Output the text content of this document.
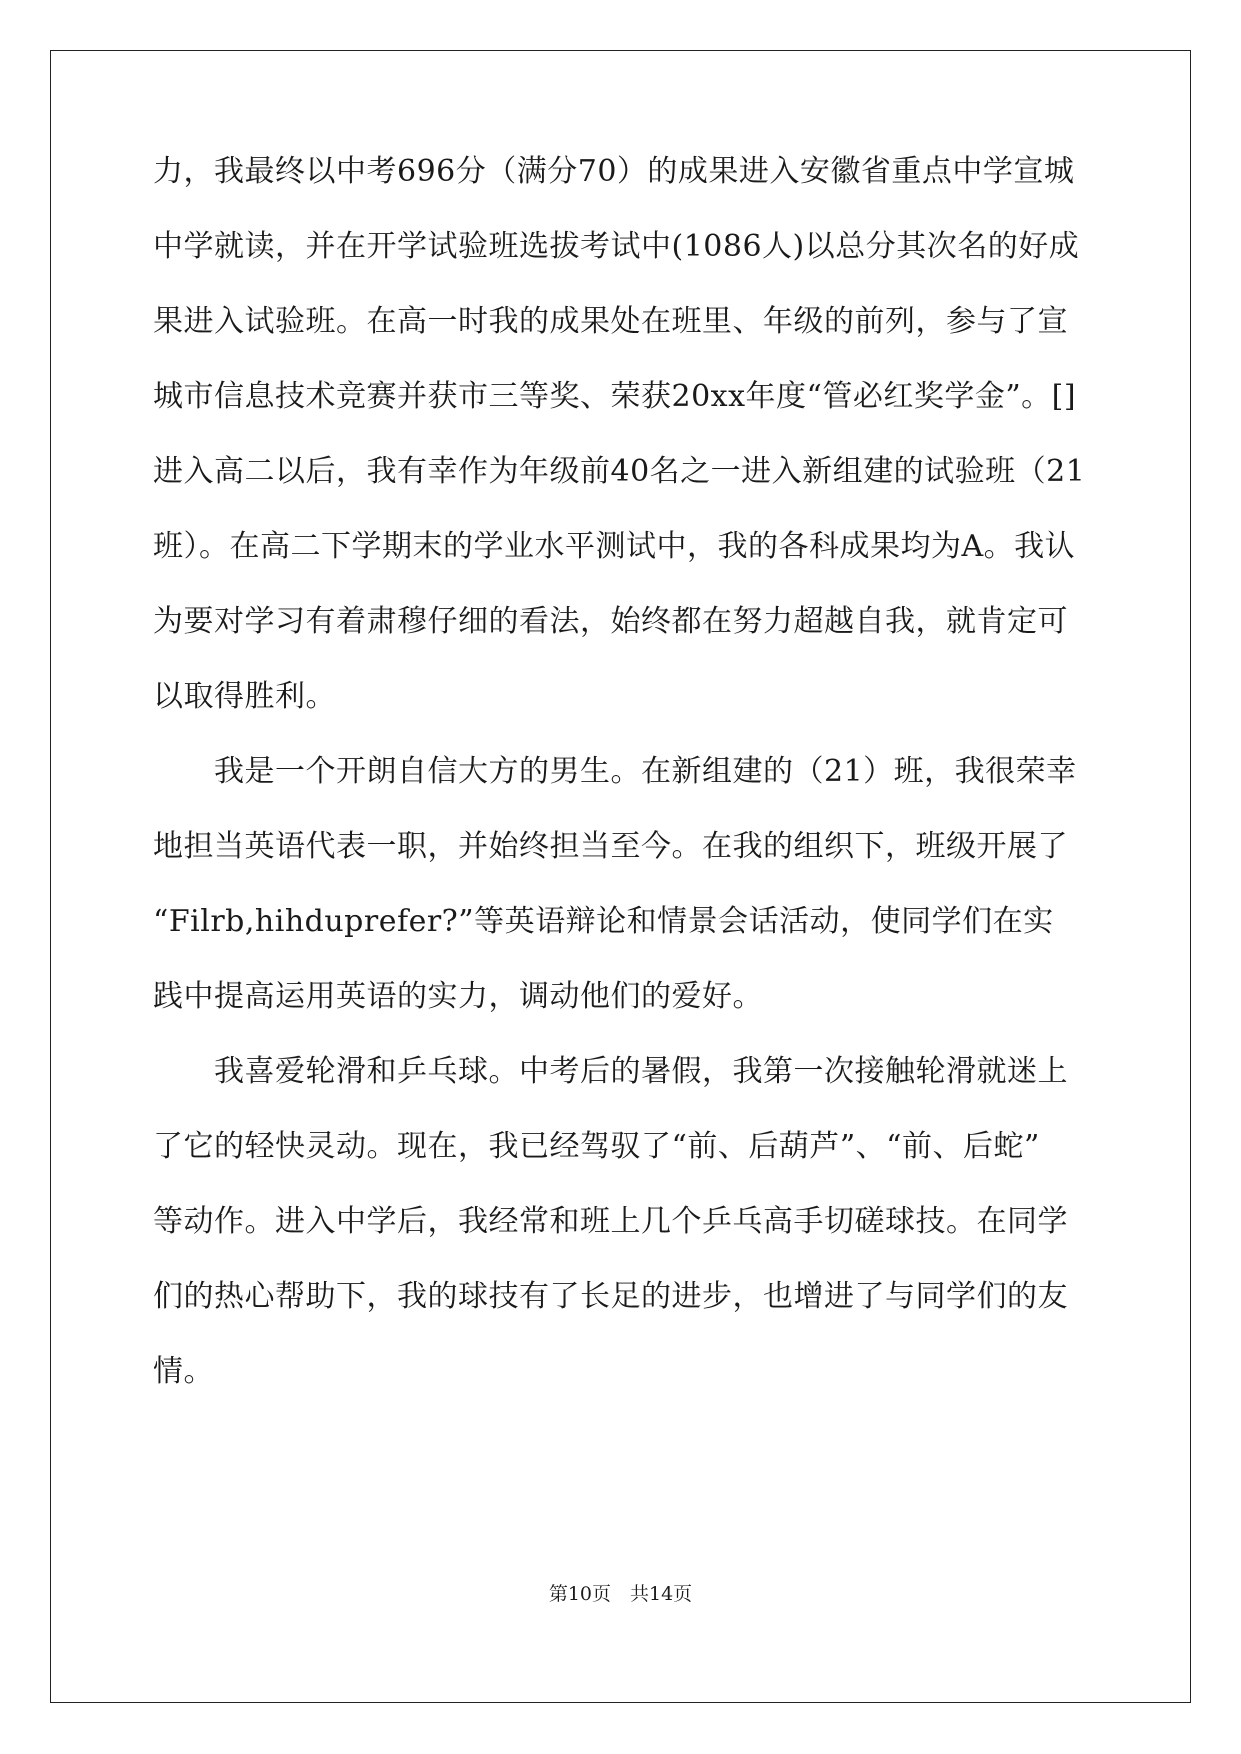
力，我最终以中考696分（满分70）的成果进入安徽省重点中学宣城
中学就读，并在开学试验班选拔考试中(1086人)以总分其次名的好成
果进入试验班。在高一时我的成果处在班里、年级的前列，参与了宣
城市信息技术竞赛并获市三等奖、荣获20xx年度“管必红奖学金”。[]
进入高二以后，我有幸作为年级前40名之一进入新组建的试验班（21
班）。在高二下学期末的学业水平测试中，我的各科成果均为A。我认
为要对学习有着肃穆仔细的看法，始终都在努力超越自我，就肯定可
以取得胜利。
　　我是一个开朗自信大方的男生。在新组建的（21）班，我很荣幸
地担当英语代表一职，并始终担当至今。在我的组织下，班级开展了
“Filrb,hihduprefer?”等英语辩论和情景会话活动，使同学们在实
践中提高运用英语的实力，调动他们的爱好。
　　我喜爱轮滑和乒乓球。中考后的暑假，我第一次接触轮滑就迷上
了它的轻快灵动。现在，我已经驾驭了“前、后葫芦”、“前、后蛇”
等动作。进入中学后，我经常和班上几个乒乓高手切磋球技。在同学
们的热心帮助下，我的球技有了长足的进步，也增进了与同学们的友
情。
第10页　共14页
